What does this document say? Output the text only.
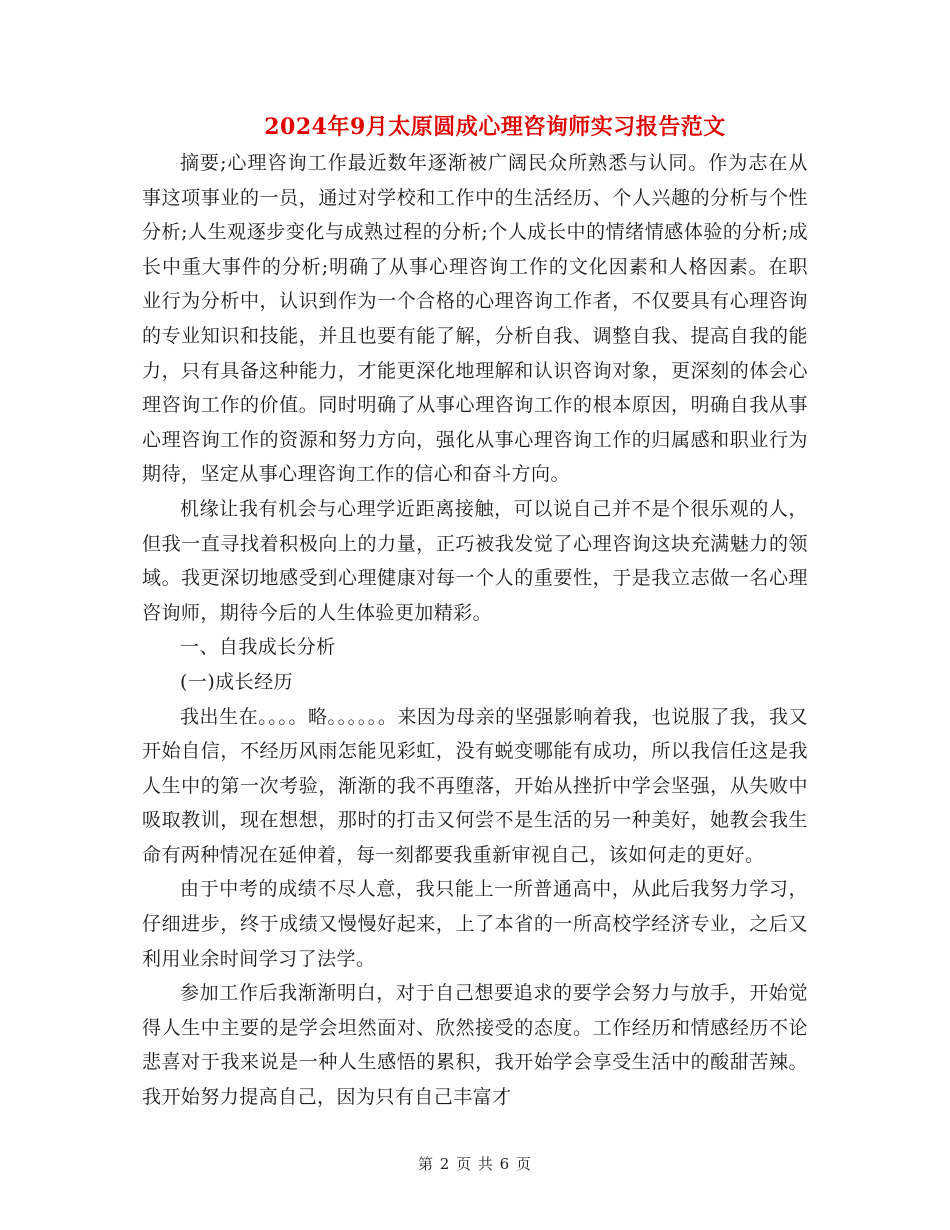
2024年9月太原圆成心理咨询师实习报告范文

摘要;心理咨询工作最近数年逐渐被广阔民众所熟悉与认同。作为志在从事这项事业的一员，通过对学校和工作中的生活经历、个人兴趣的分析与个性分析;人生观逐步变化与成熟过程的分析;个人成长中的情绪情感体验的分析;成长中重大事件的分析;明确了从事心理咨询工作的文化因素和人格因素。在职业行为分析中，认识到作为一个合格的心理咨询工作者，不仅要具有心理咨询的专业知识和技能，并且也要有能了解，分析自我、调整自我、提高自我的能力，只有具备这种能力，才能更深化地理解和认识咨询对象，更深刻的体会心理咨询工作的价值。同时明确了从事心理咨询工作的根本原因，明确自我从事心理咨询工作的资源和努力方向，强化从事心理咨询工作的归属感和职业行为期待，坚定从事心理咨询工作的信心和奋斗方向。

机缘让我有机会与心理学近距离接触，可以说自己并不是个很乐观的人，但我一直寻找着积极向上的力量，正巧被我发觉了心理咨询这块充满魅力的领域。我更深切地感受到心理健康对每一个人的重要性，于是我立志做一名心理咨询师，期待今后的人生体验更加精彩。

一、自我成长分析

(一)成长经历

我出生在。。。。略。。。。。。来因为母亲的坚强影响着我，也说服了我，我又开始自信，不经历风雨怎能见彩虹，没有蜕变哪能有成功，所以我信任这是我人生中的第一次考验，渐渐的我不再堕落，开始从挫折中学会坚强，从失败中吸取教训，现在想想，那时的打击又何尝不是生活的另一种美好，她教会我生命有两种情况在延伸着，每一刻都要我重新审视自己，该如何走的更好。

由于中考的成绩不尽人意，我只能上一所普通高中，从此后我努力学习，仔细进步，终于成绩又慢慢好起来，上了本省的一所高校学经济专业，之后又利用业余时间学习了法学。

参加工作后我渐渐明白，对于自己想要追求的要学会努力与放手，开始觉得人生中主要的是学会坦然面对、欣然接受的态度。工作经历和情感经历不论悲喜对于我来说是一种人生感悟的累积，我开始学会享受生活中的酸甜苦辣。我开始努力提高自己，因为只有自己丰富才

第 2 页 共 6 页
